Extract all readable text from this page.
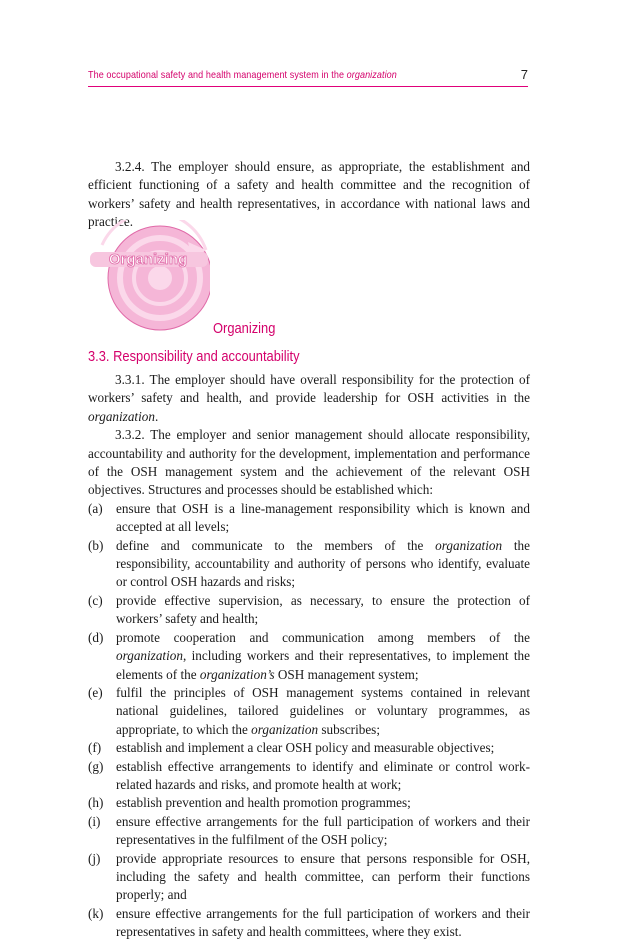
The occupational safety and health management system in the organization	7
3.2.4. The employer should ensure, as appropriate, the establishment and efficient functioning of a safety and health committee and the recognition of workers’ safety and health representatives, in accordance with national laws and practice.
Organizing
Organizing
3.3. Responsibility and accountability

3.3.1. The employer should have overall responsibility for the protection of workers’ safety and health, and provide leadership for OSH activities in the organization.

3.3.2. The employer and senior management should allocate responsibility, accountability and authority for the development, implementation and performance of the OSH management system and the achievement of the relevant OSH objectives. Structures and processes should be established which:

(a) ensure that OSH is a line-management responsibility which is known and accepted at all levels;
(b) define and communicate to the members of the organization the responsibility, accountability and authority of persons who identify, evaluate or control OSH hazards and risks;
(c) provide effective supervision, as necessary, to ensure the protection of workers’ safety and health;
(d) promote cooperation and communication among members of the organization, including workers and their representatives, to implement the elements of the organization’s OSH management system;
(e) fulfil the principles of OSH management systems contained in relevant national guidelines, tailored guidelines or voluntary programmes, as appropriate, to which the organization subscribes;
(f) establish and implement a clear OSH policy and measurable objectives;
(g) establish effective arrangements to identify and eliminate or control work-related hazards and risks, and promote health at work;
(h) establish prevention and health promotion programmes;
(i) ensure effective arrangements for the full participation of workers and their representatives in the fulfilment of the OSH policy;
(j) provide appropriate resources to ensure that persons responsible for OSH, including the safety and health committee, can perform their functions properly; and
(k) ensure effective arrangements for the full participation of workers and their representatives in safety and health committees, where they exist.
